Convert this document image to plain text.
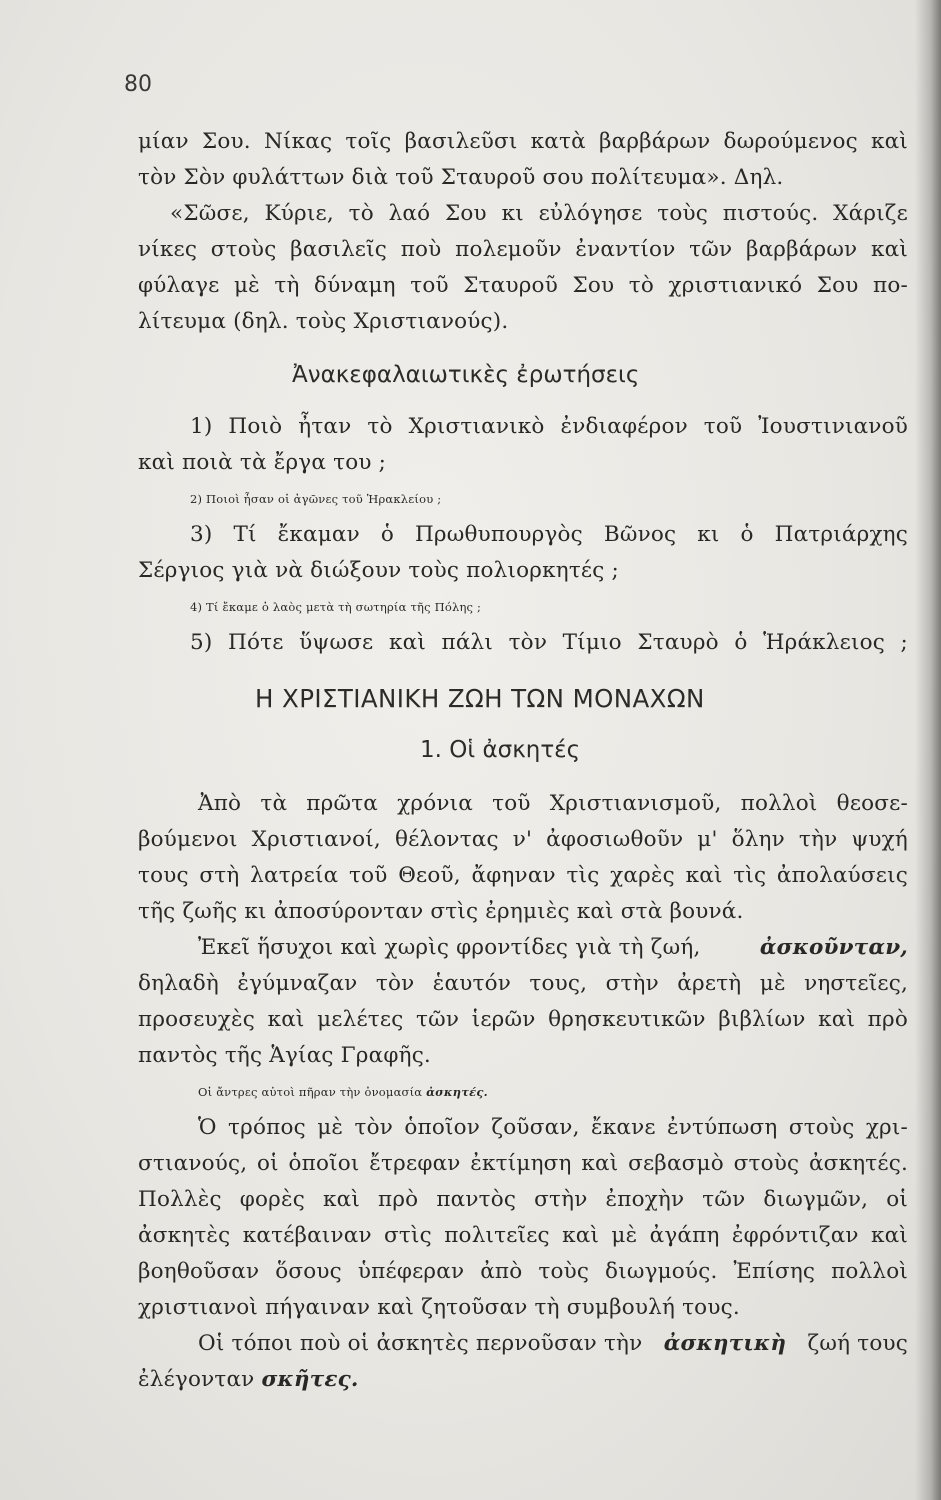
80
μίαν Σου. Νίκας τοῖς βασιλεῦσι κατὰ βαρβάρων δωρούμενος καὶ
τὸν Σὸν φυλάττων διὰ τοῦ Σταυροῦ σου πολίτευμα». Δηλ.
«Σῶσε, Κύριε, τὸ λαό Σου κι εὐλόγησε τοὺς πιστούς. Χάριζε
νίκες στοὺς βασιλεῖς ποὺ πολεμοῦν ἐναντίον τῶν βαρβάρων καὶ
φύλαγε μὲ τὴ δύναμη τοῦ Σταυροῦ Σου τὸ χριστιανικό Σου πο-
λίτευμα (δηλ. τοὺς Χριστιανούς).
Ἀνακεφαλαιωτικὲς ἐρωτήσεις
1) Ποιὸ ἦταν τὸ Χριστιανικὸ ἐνδιαφέρον τοῦ Ἰουστινιανοῦ
καὶ ποιὰ τὰ ἔργα του ;
2) Ποιοὶ ἦσαν οἱ ἀγῶνες τοῦ Ἡρακλείου ;
3) Τί ἔκαμαν ὁ Πρωθυπουργὸς Βῶνος κι ὁ Πατριάρχης
Σέργιος γιὰ νὰ διώξουν τοὺς πολιορκητές ;
4) Τί ἔκαμε ὁ λαὸς μετὰ τὴ σωτηρία τῆς Πόλης ;
5) Πότε ὕψωσε καὶ πάλι τὸν Τίμιο Σταυρὸ ὁ Ἡράκλειος ;
Η ΧΡΙΣΤΙΑΝΙΚΗ ΖΩΗ ΤΩΝ ΜΟΝΑΧΩΝ
1. Οἱ ἀσκητές
Ἀπὸ τὰ πρῶτα χρόνια τοῦ Χριστιανισμοῦ, πολλοὶ θεοσε-
βούμενοι Χριστιανοί, θέλοντας ν' ἀφοσιωθοῦν μ' ὅλην τὴν ψυχή
τους στὴ λατρεία τοῦ Θεοῦ, ἄφηναν τὶς χαρὲς καὶ τὶς ἀπολαύσεις
τῆς ζωῆς κι ἀποσύρονταν στὶς ἐρημιὲς καὶ στὰ βουνά.
Ἐκεῖ ἥσυχοι καὶ χωρὶς φροντίδες γιὰ τὴ ζωή,	ἀσκοῦνταν,
δηλαδὴ ἐγύμναζαν τὸν ἑαυτόν τους, στὴν ἀρετὴ μὲ νηστεῖες,
προσευχὲς καὶ μελέτες τῶν ἱερῶν θρησκευτικῶν βιβλίων καὶ πρὸ
παντὸς τῆς Ἁγίας Γραφῆς.
Οἱ ἄντρες αὐτοὶ πῆραν τὴν ὀνομασία ἀσκητές.
Ὁ τρόπος μὲ τὸν ὁποῖον ζοῦσαν, ἔκανε ἐντύπωση στοὺς χρι-
στιανούς, οἱ ὁποῖοι ἔτρεφαν ἐκτίμηση καὶ σεβασμὸ στοὺς ἀσκητές.
Πολλὲς φορὲς καὶ πρὸ παντὸς στὴν ἐποχὴν τῶν διωγμῶν, οἱ
ἀσκητὲς κατέβαιναν στὶς πολιτεῖες καὶ μὲ ἀγάπη ἐφρόντιζαν καὶ
βοηθοῦσαν ὅσους ὑπέφεραν ἀπὸ τοὺς διωγμούς. Ἐπίσης πολλοὶ
χριστιανοὶ πήγαιναν καὶ ζητοῦσαν τὴ συμβουλή τους.
Οἱ τόποι ποὺ οἱ ἀσκητὲς περνοῦσαν τὴν ἀσκητικὴ ζωή τους
ἐλέγονταν σκῆτες.
